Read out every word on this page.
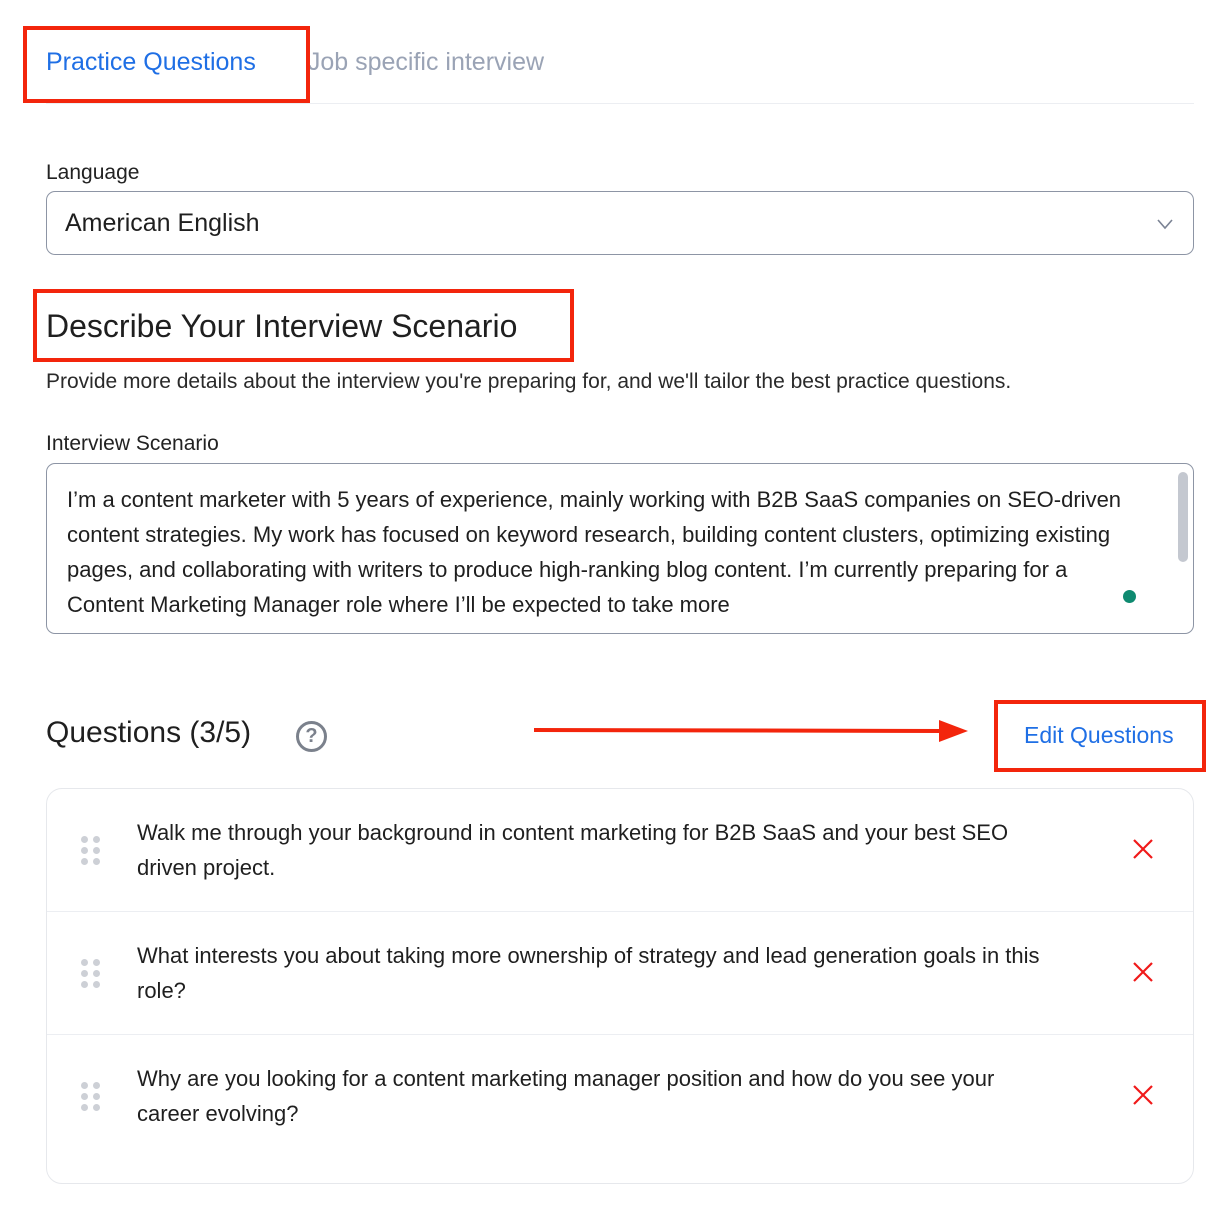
Practice Questions Job specific interview
Language
American English
Describe Your Interview Scenario
Provide more details about the interview you're preparing for, and we'll tailor the best practice questions.
Interview Scenario
I’m a content marketer with 5 years of experience, mainly working with B2B SaaS companies on SEO-driven content strategies. My work has focused on keyword research, building content clusters, optimizing existing pages, and collaborating with writers to produce high-ranking blog content. I’m currently preparing for a Content Marketing Manager role where I’ll be expected to take more
Questions (3/5)	?	Edit Questions
Walk me through your background in content marketing for B2B SaaS and your best SEO driven project.
What interests you about taking more ownership of strategy and lead generation goals in this role?
Why are you looking for a content marketing manager position and how do you see your career evolving?
